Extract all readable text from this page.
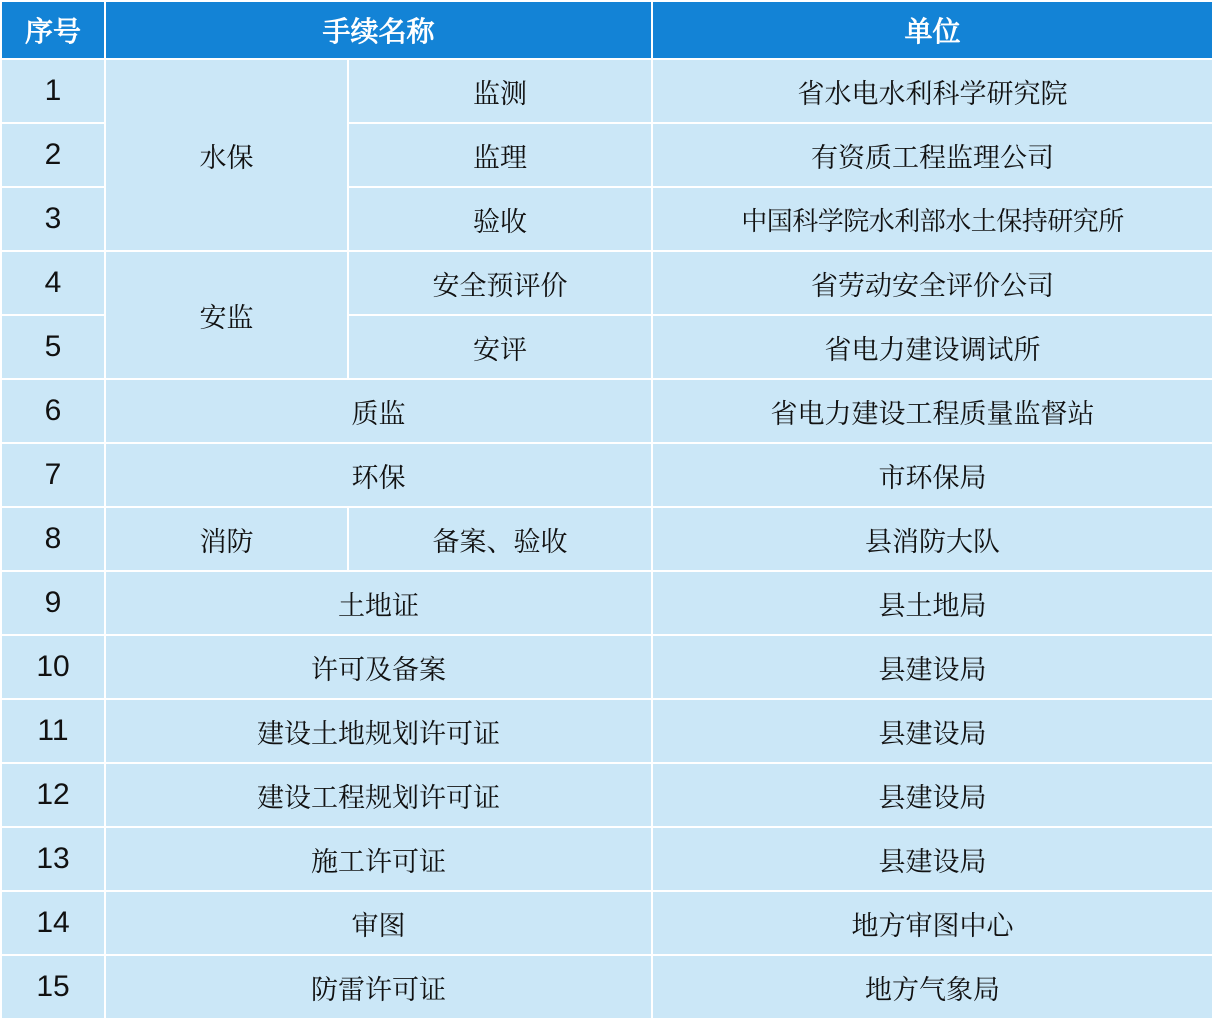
序号	手续名称		单位
1	水保	监测	省水电水利科学研究院
2		监理	有资质工程监理公司
3		验收	中国科学院水利部水土保持研究所
4	安监	安全预评价	省劳动安全评价公司
5		安评	省电力建设调试所
6	质监		省电力建设工程质量监督站
7	环保		市环保局
8	消防	备案、验收	县消防大队
9	土地证		县土地局
10	许可及备案		县建设局
11	建设土地规划许可证		县建设局
12	建设工程规划许可证		县建设局
13	施工许可证		县建设局
14	审图		地方审图中心
15	防雷许可证		地方气象局
